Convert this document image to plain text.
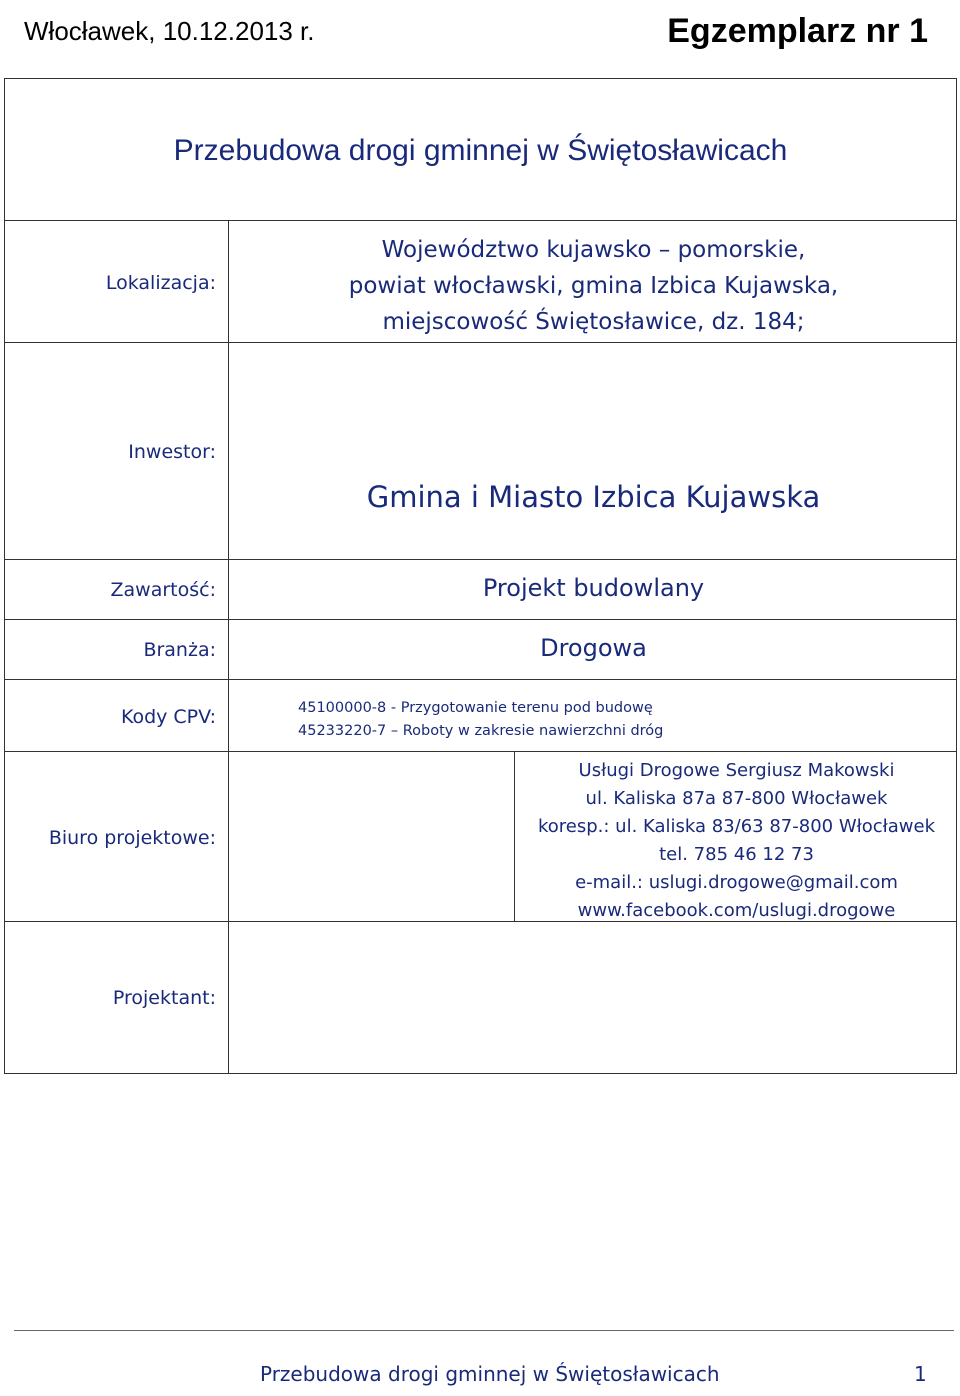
Włocławek, 10.12.2013 r.	Egzemplarz nr 1
Przebudowa drogi gminnej w Świętosławicach
Lokalizacja:
Województwo kujawsko – pomorskie,
powiat włocławski, gmina Izbica Kujawska,
miejscowość Świętosławice, dz. 184;
Inwestor:
Gmina i Miasto Izbica Kujawska
Zawartość:	Projekt budowlany
Branża:	Drogowa
Kody CPV:	45100000-8 - Przygotowanie terenu pod budowę
45233220-7 – Roboty w zakresie nawierzchni dróg
Biuro projektowe:
Usługi Drogowe Sergiusz Makowski
ul. Kaliska 87a 87-800 Włocławek
koresp.: ul. Kaliska 83/63 87-800 Włocławek
tel. 785 46 12 73
e-mail.: uslugi.drogowe@gmail.com
www.facebook.com/uslugi.drogowe
Projektant:
Przebudowa drogi gminnej w Świętosławicach	1
